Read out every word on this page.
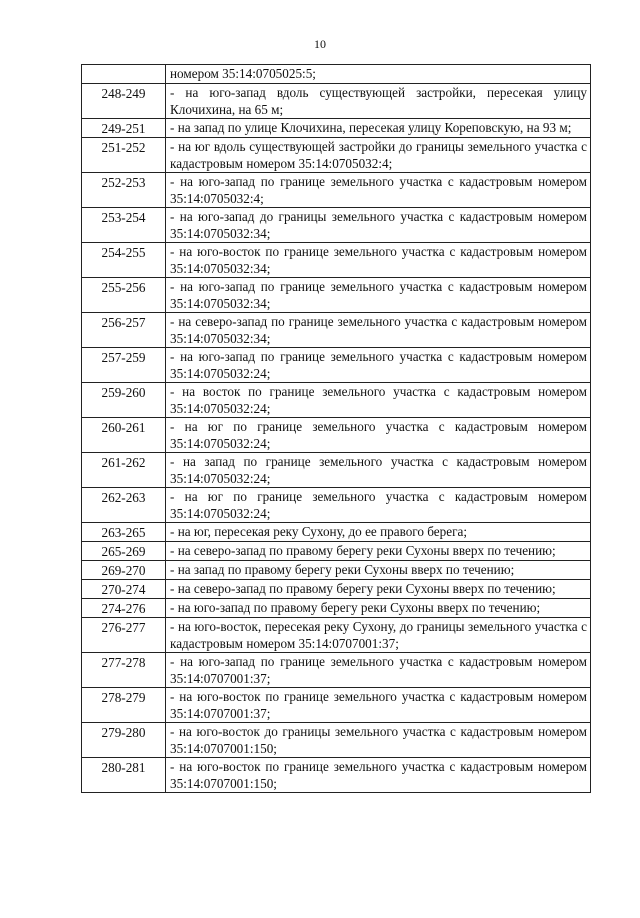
10
	номером 35:14:0705025:5;
248-249	- на юго-запад вдоль существующей застройки, пересекая улицу Клочихина, на 65 м;
249-251	- на запад по улице Клочихина, пересекая улицу Кореповскую, на 93 м;
251-252	- на юг вдоль существующей застройки до границы земельного участка с кадастровым номером 35:14:0705032:4;
252-253	- на юго-запад по границе земельного участка с кадастровым номером 35:14:0705032:4;
253-254	- на юго-запад до границы земельного участка с кадастровым номером 35:14:0705032:34;
254-255	- на юго-восток по границе земельного участка с кадастровым номером 35:14:0705032:34;
255-256	- на юго-запад по границе земельного участка с кадастровым номером 35:14:0705032:34;
256-257	- на северо-запад по границе земельного участка с кадастровым номером 35:14:0705032:34;
257-259	- на юго-запад по границе земельного участка с кадастровым номером 35:14:0705032:24;
259-260	- на восток по границе земельного участка с кадастровым номером 35:14:0705032:24;
260-261	- на юг по границе земельного участка с кадастровым номером 35:14:0705032:24;
261-262	- на запад по границе земельного участка с кадастровым номером 35:14:0705032:24;
262-263	- на юг по границе земельного участка с кадастровым номером 35:14:0705032:24;
263-265	- на юг, пересекая реку Сухону, до ее правого берега;
265-269	- на северо-запад по правому берегу реки Сухоны вверх по течению;
269-270	- на запад по правому берегу реки Сухоны вверх по течению;
270-274	- на северо-запад по правому берегу реки Сухоны вверх по течению;
274-276	- на юго-запад по правому берегу реки Сухоны вверх по течению;
276-277	- на юго-восток, пересекая реку Сухону, до границы земельного участка с кадастровым номером 35:14:0707001:37;
277-278	- на юго-запад по границе земельного участка с кадастровым номером 35:14:0707001:37;
278-279	- на юго-восток по границе земельного участка с кадастровым номером 35:14:0707001:37;
279-280	- на юго-восток до границы земельного участка с кадастровым номером 35:14:0707001:150;
280-281	- на юго-восток по границе земельного участка с кадастровым номером 35:14:0707001:150;
